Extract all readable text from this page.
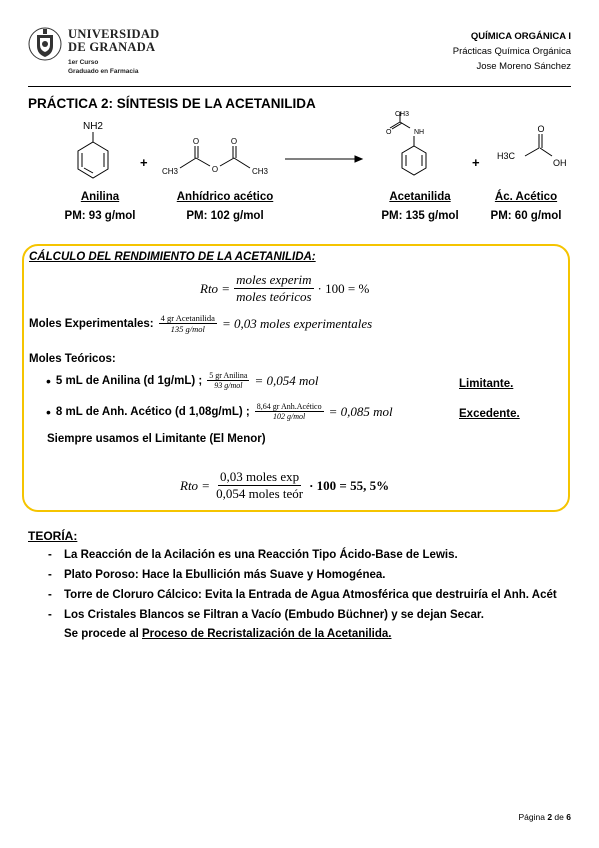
UNIVERSIDAD
DE GRANADA
1er Curso
Graduado en Farmacia
QUÍMICA ORGÁNICA I
Prácticas Química Orgánica
Jose Moreno Sánchez
PRÁCTICA 2: SÍNTESIS DE LA ACETANILIDA
NH2
+
CH3
O
O
O
CH3
CH3
O	NH
+ H3C
O
OH
Anilina
PM: 93 g/mol
Anhídrico acético
PM: 102 g/mol
Acetanilida
PM: 135 g/mol
Ác. Acético
PM: 60 g/mol
CÁLCULO DEL RENDIMIENTO DE LA ACETANILIDA:
Rto = $\frac{\text{moles experim}}{\text{moles teóricos}} \cdot 100$ = %
Moles Experimentales: $\frac{\text{4 gr Acetanilida}}{\text{135 g/mol}} = 0,03$ moles experimentales
Moles Teóricos:
• 5 mL de Anilina (d 1g/mL) ; $\frac{\text{5 gr Anilina}}{\text{93 g/mol}} = 0,054$ mol	Limitante.
• 8 mL de Anh. Acético (d 1,08g/mL) ; $\frac{\text{8,64 gr Anh.Acético}}{\text{102 g/mol}} = 0,085$ mol	Excedente.
Siempre usamos el Limitante (El Menor)
Rto = $\frac{\text{0,03 moles exp}}{\text{0,054 moles teór}} \cdot 100 = 55$, 5%
TEORÍA:
- La Reacción de la Acilación es una Reacción Tipo Ácido-Base de Lewis.
- Plato Poroso: Hace la Ebullición más Suave y Homogénea.
- Torre de Cloruro Cálcico: Evita la Entrada de Agua Atmosférica que destruiría el Anh. Acét
- Los Cristales Blancos se Filtran a Vacío (Embudo Büchner) y se dejan Secar.
Se procede al Proceso de Recristalización de la Acetanilida.
Página 2 de 6
